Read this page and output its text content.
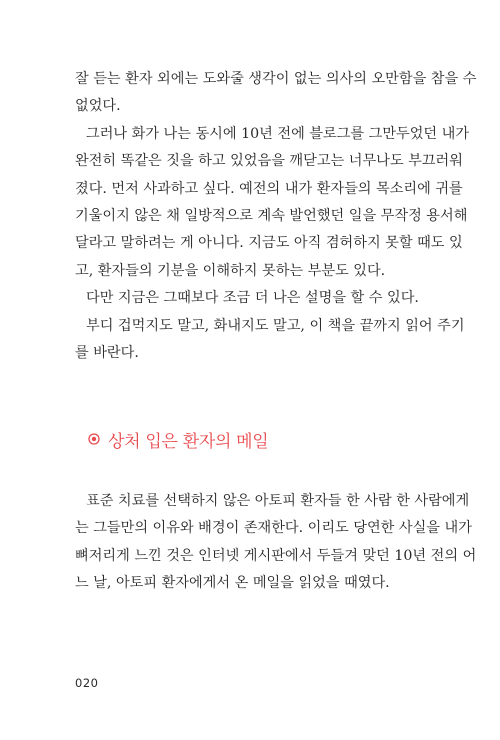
잘 듣는 환자 외에는 도와줄 생각이 없는 의사의 오만함을 참을 수
없었다.
그러나 화가 나는 동시에 10년 전에 블로그를 그만두었던 내가
완전히 똑같은 짓을 하고 있었음을 깨닫고는 너무나도 부끄러워
졌다. 먼저 사과하고 싶다. 예전의 내가 환자들의 목소리에 귀를
기울이지 않은 채 일방적으로 계속 발언했던 일을 무작정 용서해
달라고 말하려는 게 아니다. 지금도 아직 겸허하지 못할 때도 있
고, 환자들의 기분을 이해하지 못하는 부분도 있다.
다만 지금은 그때보다 조금 더 나은 설명을 할 수 있다.
부디 겁먹지도 말고, 화내지도 말고, 이 책을 끝까지 읽어 주기
를 바란다.
상처 입은 환자의 메일
표준 치료를 선택하지 않은 아토피 환자들 한 사람 한 사람에게
는 그들만의 이유와 배경이 존재한다. 이리도 당연한 사실을 내가
뼈저리게 느낀 것은 인터넷 게시판에서 두들겨 맞던 10년 전의 어
느 날, 아토피 환자에게서 온 메일을 읽었을 때였다.
020
